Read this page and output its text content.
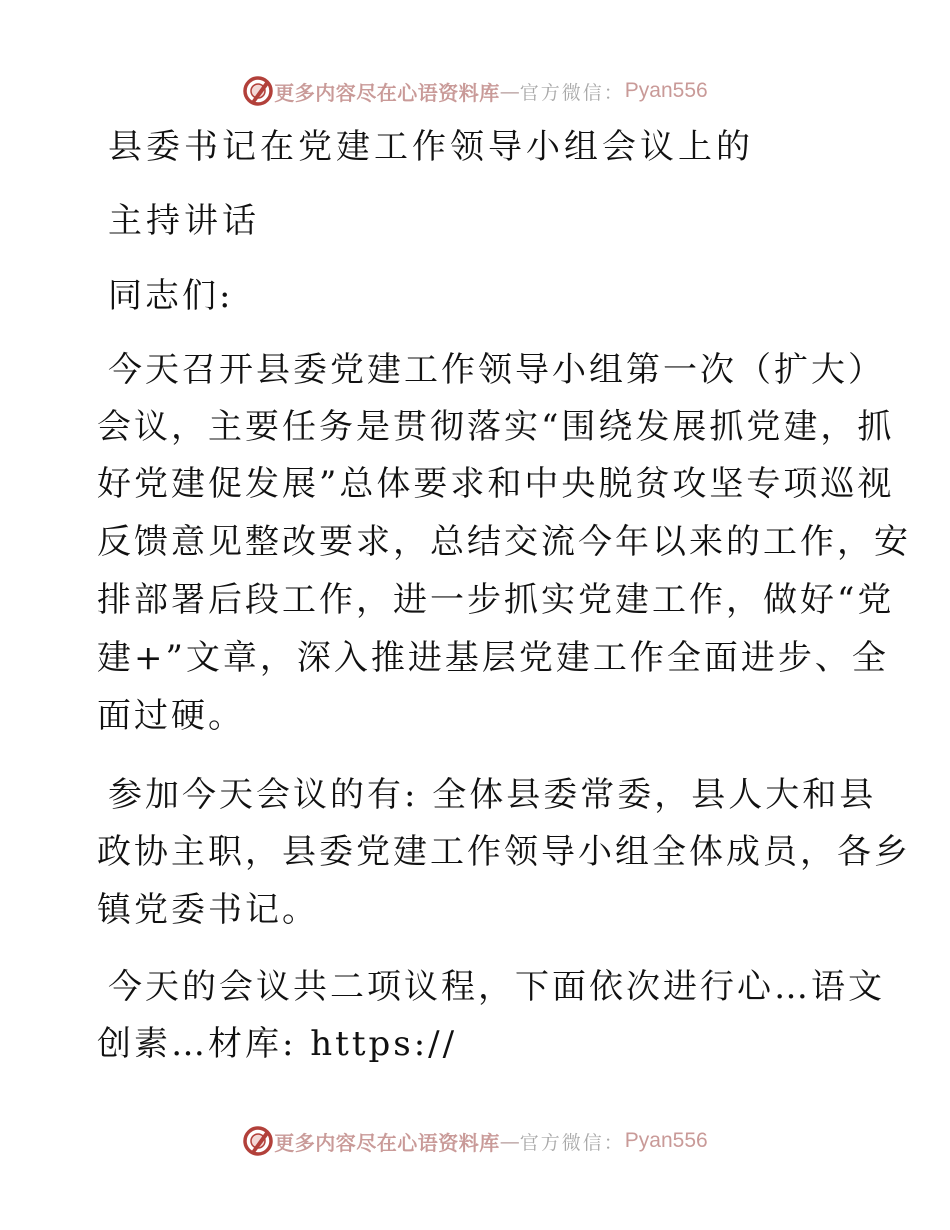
更多内容尽在心语资料库 — 官方微信： Pyan556
县委书记在党建工作领导小组会议上的
主持讲话
同志们:
今天召开县委党建工作领导小组第一次（扩大）
会议，主要任务是贯彻落实“围绕发展抓党建，抓
好党建促发展”总体要求和中央脱贫攻坚专项巡视
反馈意见整改要求，总结交流今年以来的工作，安
排部署后段工作，进一步抓实党建工作，做好“党
建+”文章，深入推进基层党建工作全面进步、全
面过硬。
参加今天会议的有: 全体县委常委，县人大和县
政协主职，县委党建工作领导小组全体成员，各乡
镇党委书记。
今天的会议共二项议程，下面依次进行心…语文
创素…材库: https://
更多内容尽在心语资料库 — 官方微信： Pyan556
